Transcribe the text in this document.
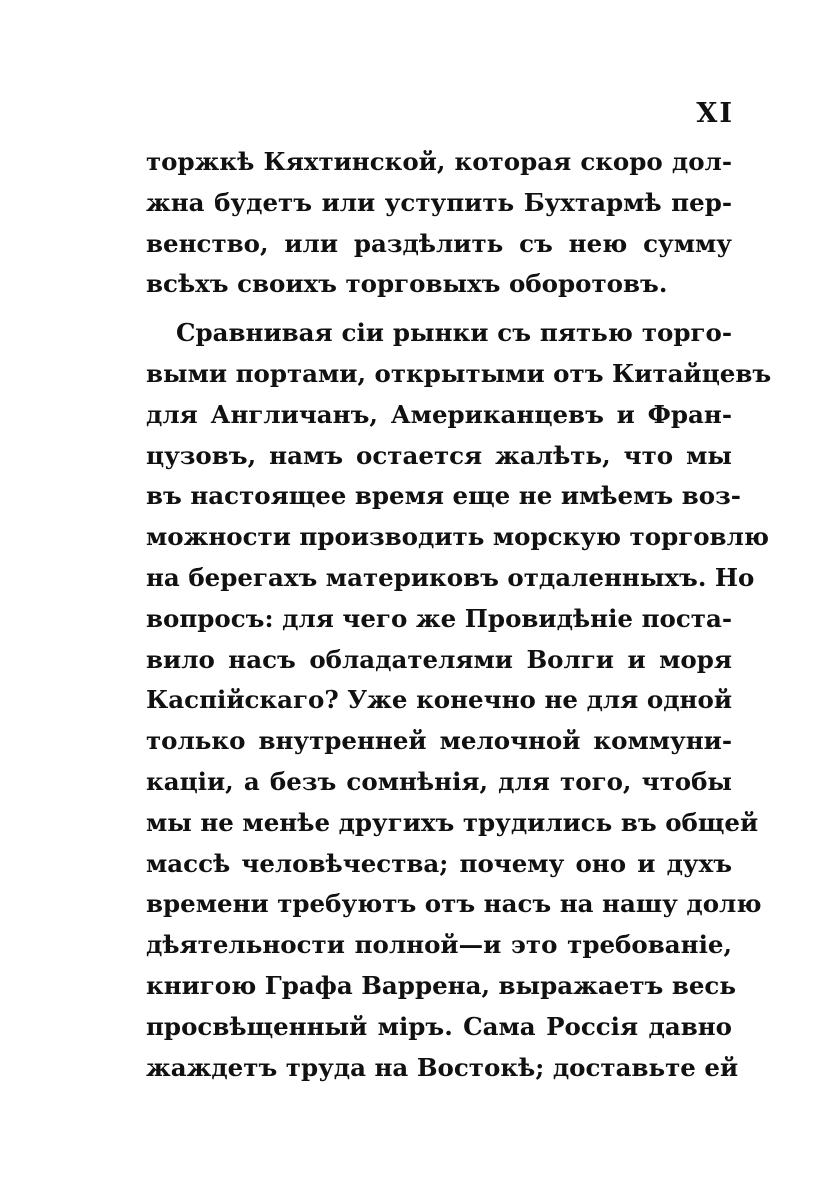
XI
торжкѣ Кяхтинской, которая скоро дол-
жна будетъ или уступить Бухтармѣ пер-
венство, или раздѣлить съ нею сумму
всѣхъ своихъ торговыхъ оборотовъ.
Сравнивая сіи рынки съ пятью торго-
выми портами, открытыми отъ Китайцевъ
для Англичанъ, Американцевъ и Фран-
цузовъ, намъ остается жалѣть, что мы
въ настоящее время еще не имѣемъ воз-
можности производить морскую торговлю
на берегахъ материковъ отдаленныхъ. Но
вопросъ: для чего же Провидѣніе поста-
вило насъ обладателями Волги и моря
Каспійскаго? Уже конечно не для одной
только внутренней мелочной коммуни-
каціи, а безъ сомнѣнія, для того, чтобы
мы не менѣе другихъ трудились въ общей
массѣ человѣчества; почему оно и духъ
времени требуютъ отъ насъ на нашу долю
дѣятельности полной—и это требованіе,
книгою Графа Варрена, выражаетъ весь
просвѣщенный міръ. Сама Россія давно
жаждетъ труда на Востокѣ; доставьте ей
